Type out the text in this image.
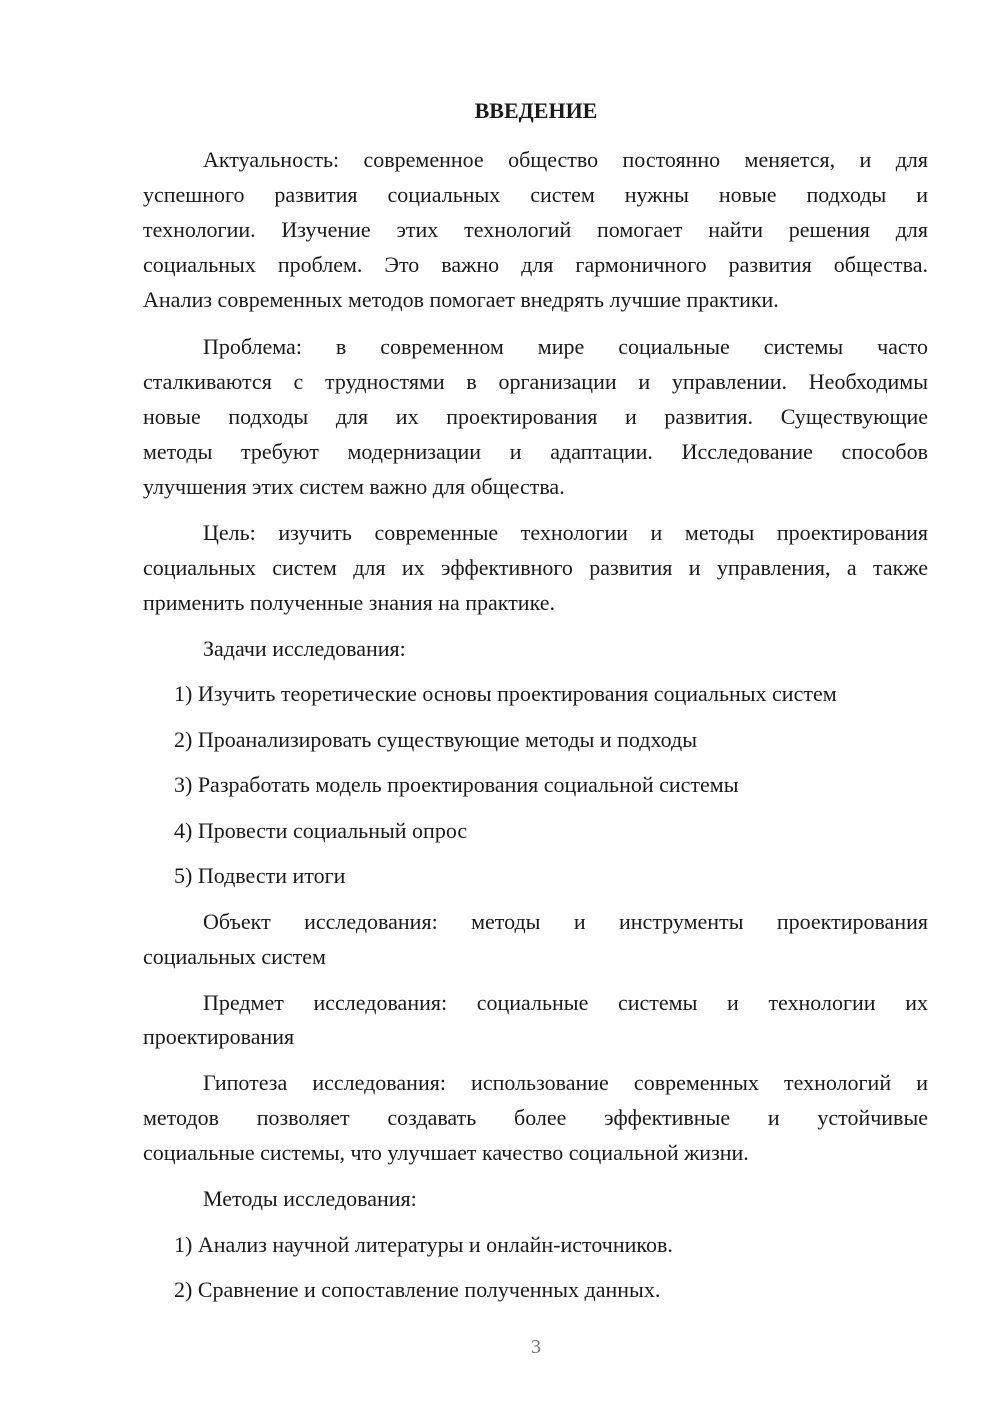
ВВЕДЕНИЕ
Актуальность: современное общество постоянно меняется, и для
успешного развития социальных систем нужны новые подходы и
технологии. Изучение этих технологий помогает найти решения для
социальных проблем. Это важно для гармоничного развития общества.
Анализ современных методов помогает внедрять лучшие практики.
Проблема: в современном мире социальные системы часто
сталкиваются с трудностями в организации и управлении. Необходимы
новые подходы для их проектирования и развития. Существующие
методы требуют модернизации и адаптации. Исследование способов
улучшения этих систем важно для общества.
Цель: изучить современные технологии и методы проектирования
социальных систем для их эффективного развития и управления, а также
применить полученные знания на практике.
Задачи исследования:
1) Изучить теоретические основы проектирования социальных систем
2) Проанализировать существующие методы и подходы
3) Разработать модель проектирования социальной системы
4) Провести социальный опрос
5) Подвести итоги
Объект исследования: методы и инструменты проектирования
социальных систем
Предмет исследования: социальные системы и технологии их
проектирования
Гипотеза исследования: использование современных технологий и
методов позволяет создавать более эффективные и устойчивые
социальные системы, что улучшает качество социальной жизни.
Методы исследования:
1) Анализ научной литературы и онлайн-источников.
2) Сравнение и сопоставление полученных данных.
3
